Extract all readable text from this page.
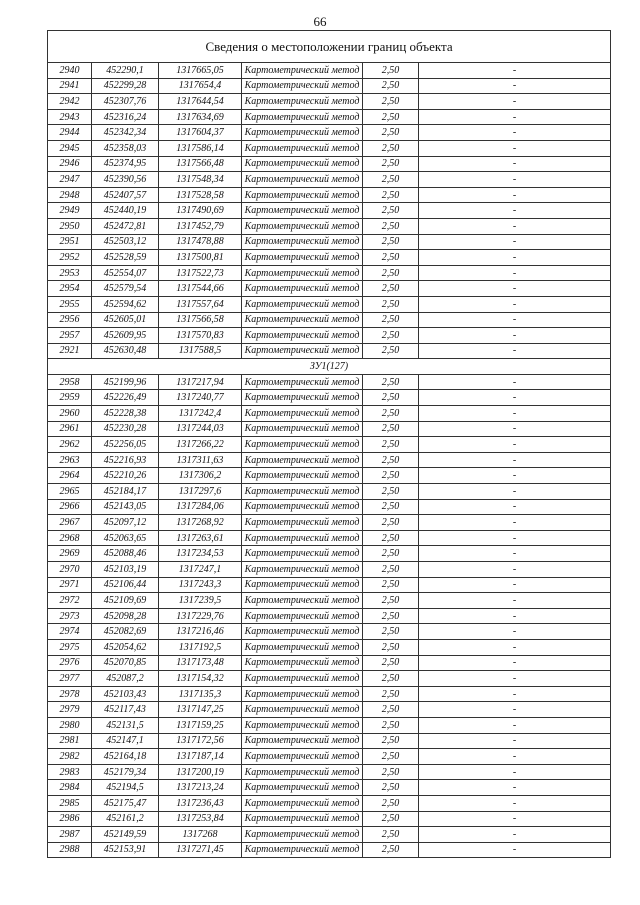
66
Сведения о местоположении границ объекта					
2940	452290,1	1317665,05	Картометрический метод	2,50	-
2941	452299,28	1317654,4	Картометрический метод	2,50	-
2942	452307,76	1317644,54	Картометрический метод	2,50	-
2943	452316,24	1317634,69	Картометрический метод	2,50	-
2944	452342,34	1317604,37	Картометрический метод	2,50	-
2945	452358,03	1317586,14	Картометрический метод	2,50	-
2946	452374,95	1317566,48	Картометрический метод	2,50	-
2947	452390,56	1317548,34	Картометрический метод	2,50	-
2948	452407,57	1317528,58	Картометрический метод	2,50	-
2949	452440,19	1317490,69	Картометрический метод	2,50	-
2950	452472,81	1317452,79	Картометрический метод	2,50	-
2951	452503,12	1317478,88	Картометрический метод	2,50	-
2952	452528,59	1317500,81	Картометрический метод	2,50	-
2953	452554,07	1317522,73	Картометрический метод	2,50	-
2954	452579,54	1317544,66	Картометрический метод	2,50	-
2955	452594,62	1317557,64	Картометрический метод	2,50	-
2956	452605,01	1317566,58	Картометрический метод	2,50	-
2957	452609,95	1317570,83	Картометрический метод	2,50	-
2921	452630,48	1317588,5	Картометрический метод	2,50	-
ЗУ1(127)					
2958	452199,96	1317217,94	Картометрический метод	2,50	-
2959	452226,49	1317240,77	Картометрический метод	2,50	-
2960	452228,38	1317242,4	Картометрический метод	2,50	-
2961	452230,28	1317244,03	Картометрический метод	2,50	-
2962	452256,05	1317266,22	Картометрический метод	2,50	-
2963	452216,93	1317311,63	Картометрический метод	2,50	-
2964	452210,26	1317306,2	Картометрический метод	2,50	-
2965	452184,17	1317297,6	Картометрический метод	2,50	-
2966	452143,05	1317284,06	Картометрический метод	2,50	-
2967	452097,12	1317268,92	Картометрический метод	2,50	-
2968	452063,65	1317263,61	Картометрический метод	2,50	-
2969	452088,46	1317234,53	Картометрический метод	2,50	-
2970	452103,19	1317247,1	Картометрический метод	2,50	-
2971	452106,44	1317243,3	Картометрический метод	2,50	-
2972	452109,69	1317239,5	Картометрический метод	2,50	-
2973	452098,28	1317229,76	Картометрический метод	2,50	-
2974	452082,69	1317216,46	Картометрический метод	2,50	-
2975	452054,62	1317192,5	Картометрический метод	2,50	-
2976	452070,85	1317173,48	Картометрический метод	2,50	-
2977	452087,2	1317154,32	Картометрический метод	2,50	-
2978	452103,43	1317135,3	Картометрический метод	2,50	-
2979	452117,43	1317147,25	Картометрический метод	2,50	-
2980	452131,5	1317159,25	Картометрический метод	2,50	-
2981	452147,1	1317172,56	Картометрический метод	2,50	-
2982	452164,18	1317187,14	Картометрический метод	2,50	-
2983	452179,34	1317200,19	Картометрический метод	2,50	-
2984	452194,5	1317213,24	Картометрический метод	2,50	-
2985	452175,47	1317236,43	Картометрический метод	2,50	-
2986	452161,2	1317253,84	Картометрический метод	2,50	-
2987	452149,59	1317268	Картометрический метод	2,50	-
2988	452153,91	1317271,45	Картометрический метод	2,50	-
